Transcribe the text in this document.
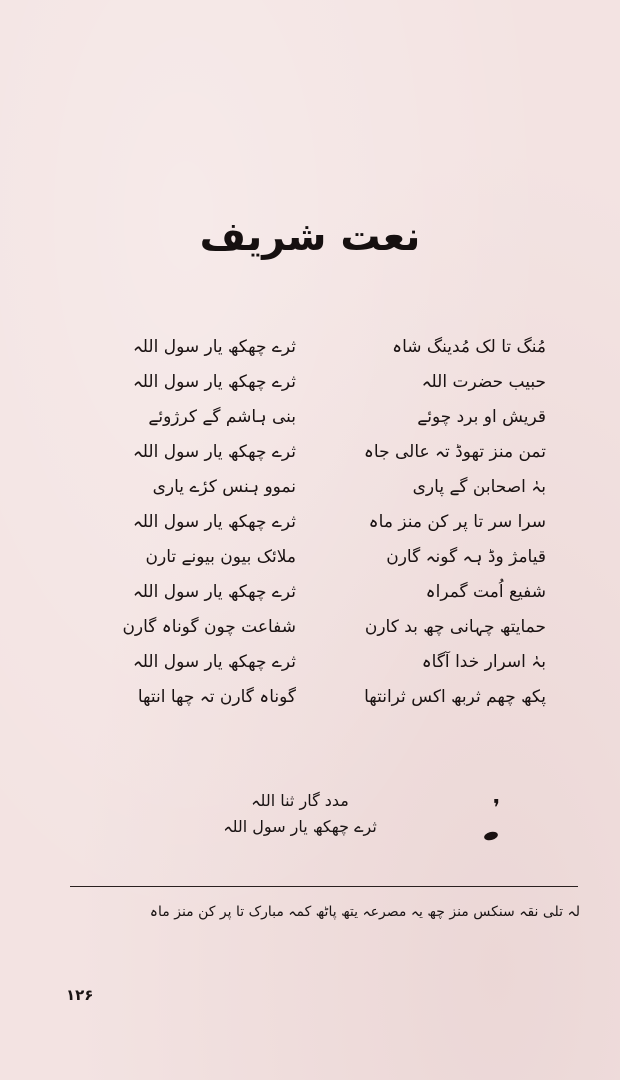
نعت شریف
مُنگ تا لک مُدینگ شاہ
ثرے چھکھ یار سول اللہ
حبیب حضرت اللہ
ثرے چھکھ یار سول اللہ
قریش او برد چوئے
بنی ہاشم گے کرژوئے
تمن منز تھوڈ تہ عالی جاہ
ثرے چھکھ یار سول اللہ
بہٰ اصحابن گے پاری
نموو ہنس کرٔے یاری
سرا سر تا پر کن منز ماہ
ثرے چھکھ یار سول اللہ
قیامژ وڈ ہہ گونہ گارن
ملائک بیون بیونے تارن
شفیع اُمت گمراہ
ثرے چھکھ یار سول اللہ
حمایتھ چہانی چھ بد کارن
شفاعت چون گوناہ گارن
بہٰ اسرار خدا آگاہ
ثرے چھکھ یار سول اللہ
پکھ چھم ثربھ اکس ثرانتھا
گوناہ گارن تہ چھا انتھا
مدد گار ثنا اللہ
ثرے چھکھ یار سول اللہ
❜
لہ تلی نقہ سنکس منز چھ یہ مصرعہ یتھ پاٹھ کمہ مبارک تا پر کن منز ماہ
۱۲۶
